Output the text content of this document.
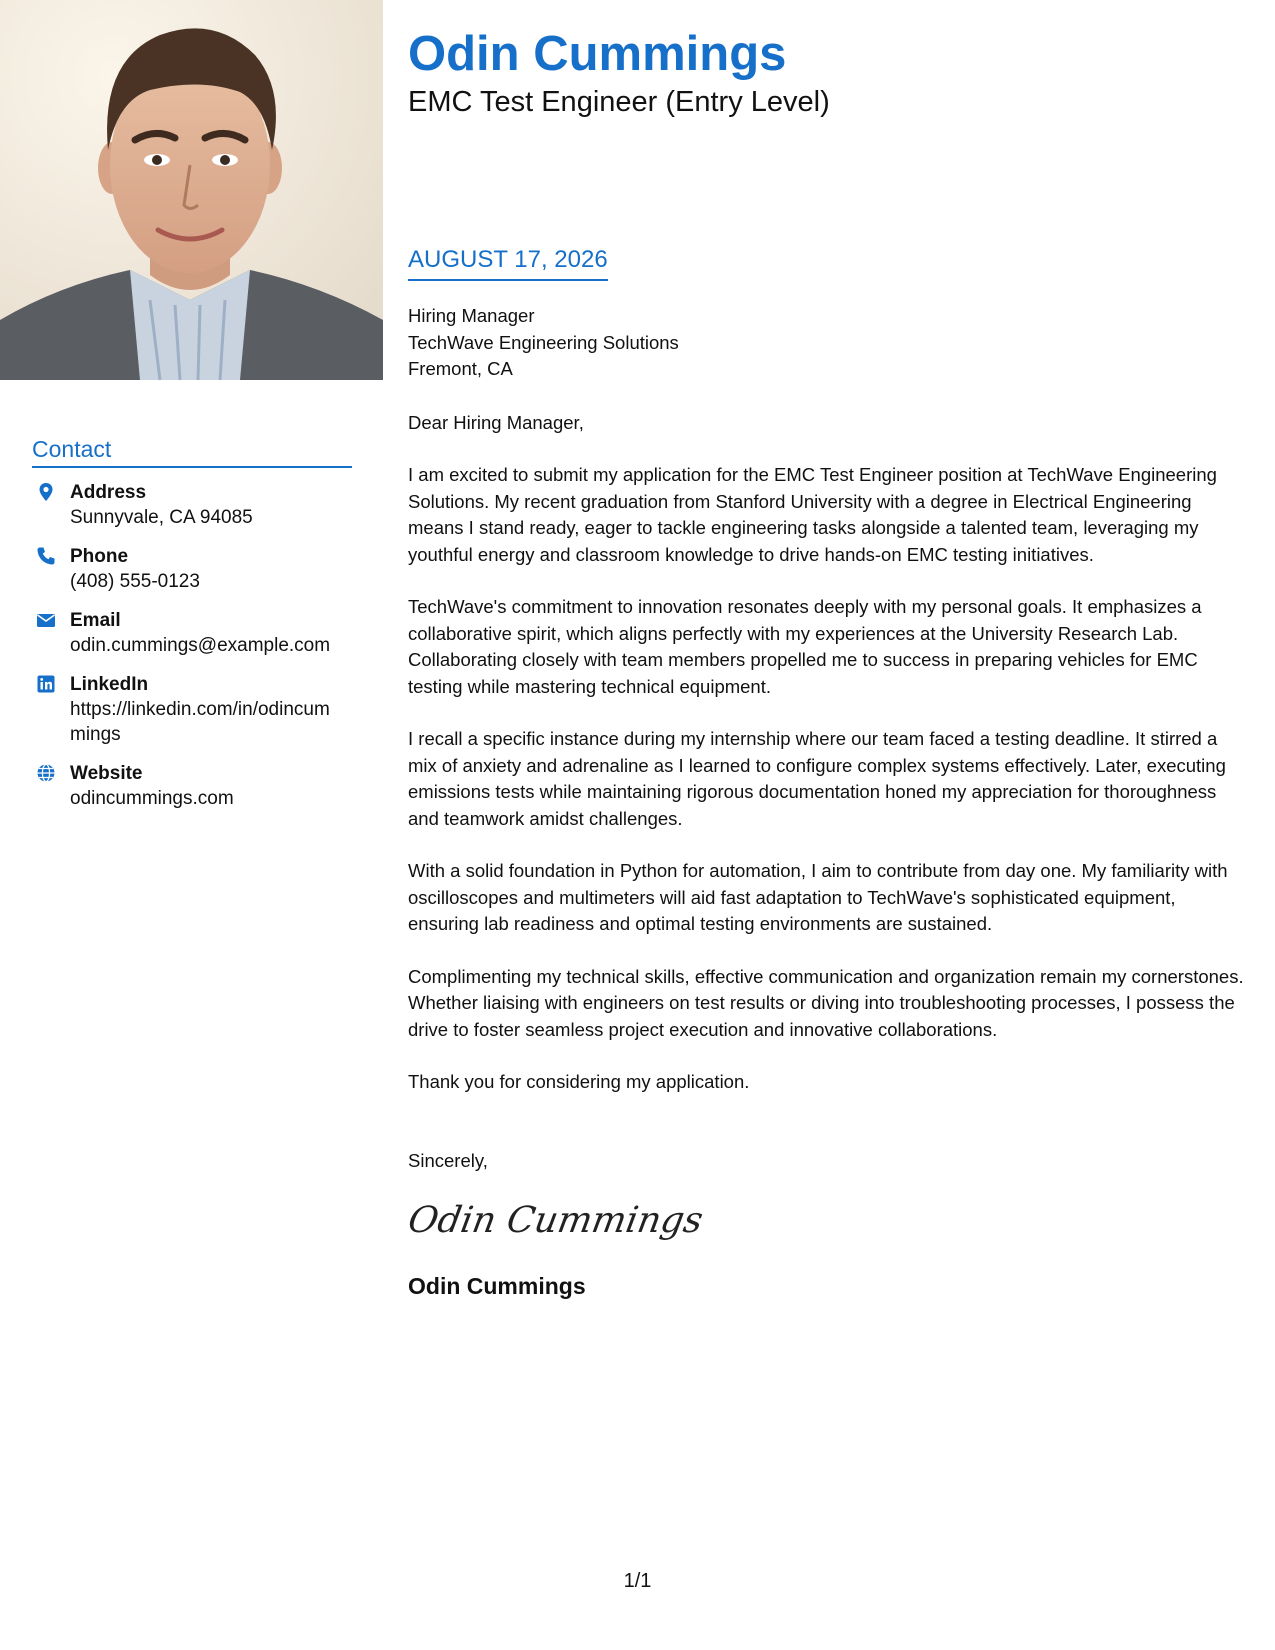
Contact
Address
Sunnyvale, CA 94085
Phone
(408) 555-0123
Email
odin.cummings@example.com
LinkedIn
https://linkedin.com/in/odincummings
Website
odincummings.com
Odin Cummings
EMC Test Engineer (Entry Level)
AUGUST 17, 2026
Hiring Manager
TechWave Engineering Solutions
Fremont, CA
Dear Hiring Manager,
I am excited to submit my application for the EMC Test Engineer position at TechWave Engineering Solutions. My recent graduation from Stanford University with a degree in Electrical Engineering means I stand ready, eager to tackle engineering tasks alongside a talented team, leveraging my youthful energy and classroom knowledge to drive hands-on EMC testing initiatives.
TechWave's commitment to innovation resonates deeply with my personal goals. It emphasizes a collaborative spirit, which aligns perfectly with my experiences at the University Research Lab. Collaborating closely with team members propelled me to success in preparing vehicles for EMC testing while mastering technical equipment.
I recall a specific instance during my internship where our team faced a testing deadline. It stirred a mix of anxiety and adrenaline as I learned to configure complex systems effectively. Later, executing emissions tests while maintaining rigorous documentation honed my appreciation for thoroughness and teamwork amidst challenges.
With a solid foundation in Python for automation, I aim to contribute from day one. My familiarity with oscilloscopes and multimeters will aid fast adaptation to TechWave's sophisticated equipment, ensuring lab readiness and optimal testing environments are sustained.
Complimenting my technical skills, effective communication and organization remain my cornerstones. Whether liaising with engineers on test results or diving into troubleshooting processes, I possess the drive to foster seamless project execution and innovative collaborations.
Thank you for considering my application.
Sincerely,
Odin Cummings
Odin Cummings
1/1
